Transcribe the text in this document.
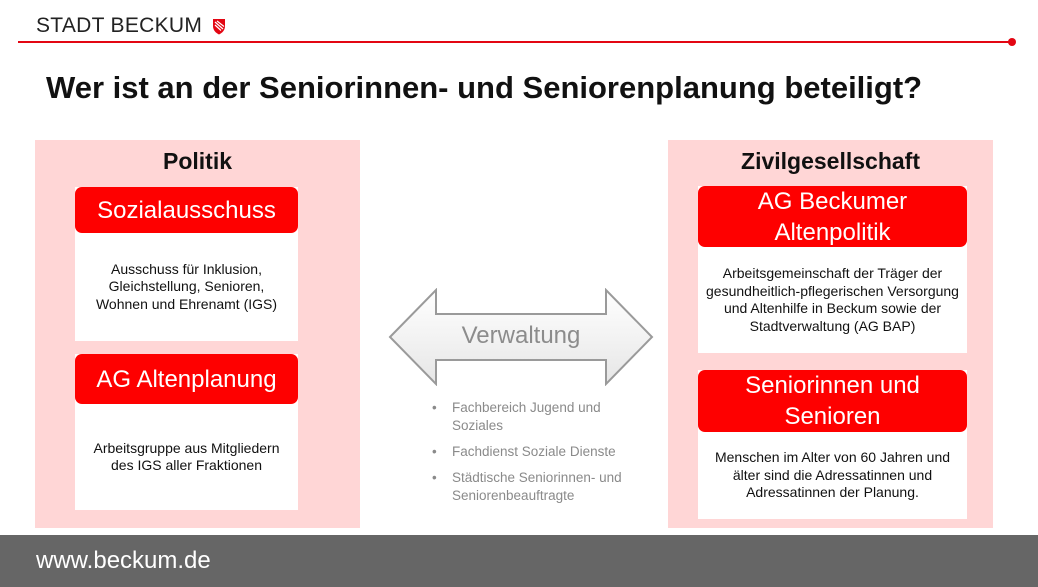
STADT BECKUM
Wer ist an der Seniorinnen- und Seniorenplanung beteiligt?
Politik
Ausschuss für Inklusion, Gleichstellung, Senioren, Wohnen und Ehrenamt (IGS)
Sozialausschuss
Arbeitsgruppe aus Mitgliedern des IGS aller Fraktionen
AG Altenplanung
Verwaltung
• Fachbereich Jugend und Soziales
• Fachdienst Soziale Dienste
• Städtische Seniorinnen- und Seniorenbeauftragte
Zivilgesellschaft
Arbeitsgemeinschaft der Träger der gesundheitlich-pflegerischen Versorgung und Altenhilfe in Beckum sowie der Stadtverwaltung (AG BAP)
AG Beckumer Altenpolitik
Menschen im Alter von 60 Jahren und älter sind die Adressatinnen und Adressatinnen der Planung.
Seniorinnen und Senioren
www.beckum.de
